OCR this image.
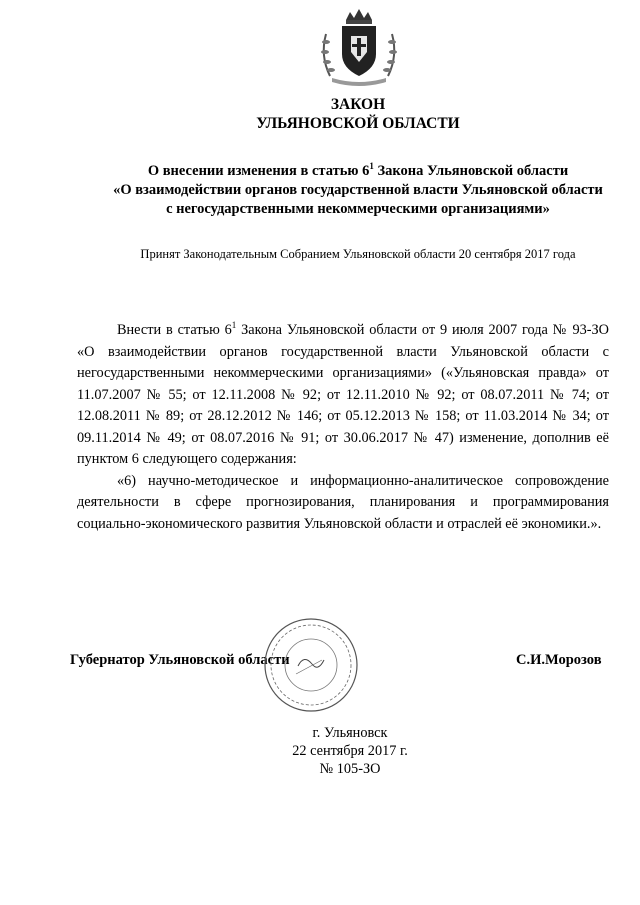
ЗАКОН
УЛЬЯНОВСКОЙ ОБЛАСТИ
О внесении изменения в статью $6^1$ Закона Ульяновской области
«О взаимодействии органов государственной власти Ульяновской области
с негосударственными некоммерческими организациями»
Принят Законодательным Собранием Ульяновской области 20 сентября 2017 года

Внести в статью $6^1$ Закона Ульяновской области от 9 июля 2007 года № 93-ЗО «О взаимодействии органов государственной власти Ульяновской области с негосударственными некоммерческими организациями» («Ульяновская правда» от 11.07.2007 № 55; от 12.11.2008 № 92; от 12.11.2010 № 92; от 08.07.2011 № 74; от 12.08.2011 № 89; от 28.12.2012 № 146; от 05.12.2013 № 158; от 11.03.2014 № 34; от 09.11.2014 № 49; от 08.07.2016 № 91; от 30.06.2017 № 47) изменение, дополнив её пунктом 6 следующего содержания:

«6) научно-методическое и информационно-аналитическое сопровождение деятельности в сфере прогнозирования, планирования и программирования социально-экономического развития Ульяновской области и отраслей её экономики.».

Губернатор Ульяновской области	С.И.Морозов
г. Ульяновск
22 сентября 2017 г.
№ 105-ЗО
